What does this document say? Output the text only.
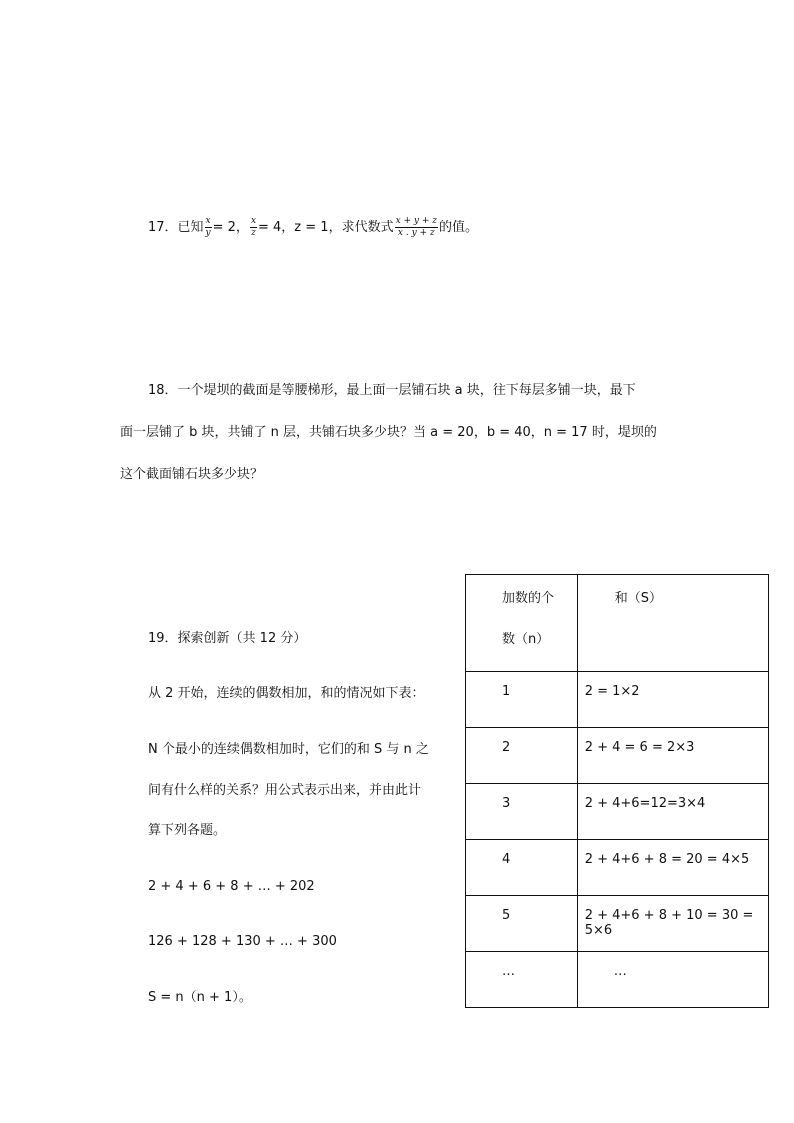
17．已知 $\frac{x}{y} = 2$， $\frac{x}{z} = 4$，z = 1，求代数式 $\frac{x + y + z}{x . y + z}$ 的值。
18．一个堤坝的截面是等腰梯形，最上面一层铺石块 a 块，往下每层多铺一块，最下
面一层铺了 b 块，共铺了 n 层，共铺石块多少块？当 a = 20，b = 40，n = 17 时，堤坝的
这个截面铺石块多少块？
19．探索创新（共 12 分）
从 2 开始，连续的偶数相加，和的情况如下表：
N 个最小的连续偶数相加时，它们的和 S 与 n 之
间有什么样的关系？用公式表示出来，并由此计
算下列各题。
2 + 4 + 6 + 8 + … + 202
126 + 128 + 130 + … + 300
S = n（n + 1）。
加数的个
数（n）	和（S）

1	2 = 1×2

2	2 + 4 = 6 = 2×3

3	2 + 4+6=12=3×4

4	2 + 4+6 + 8 = 20 = 4×5

5	2 + 4+6 + 8 + 10 = 30 = 5×6

…	…
